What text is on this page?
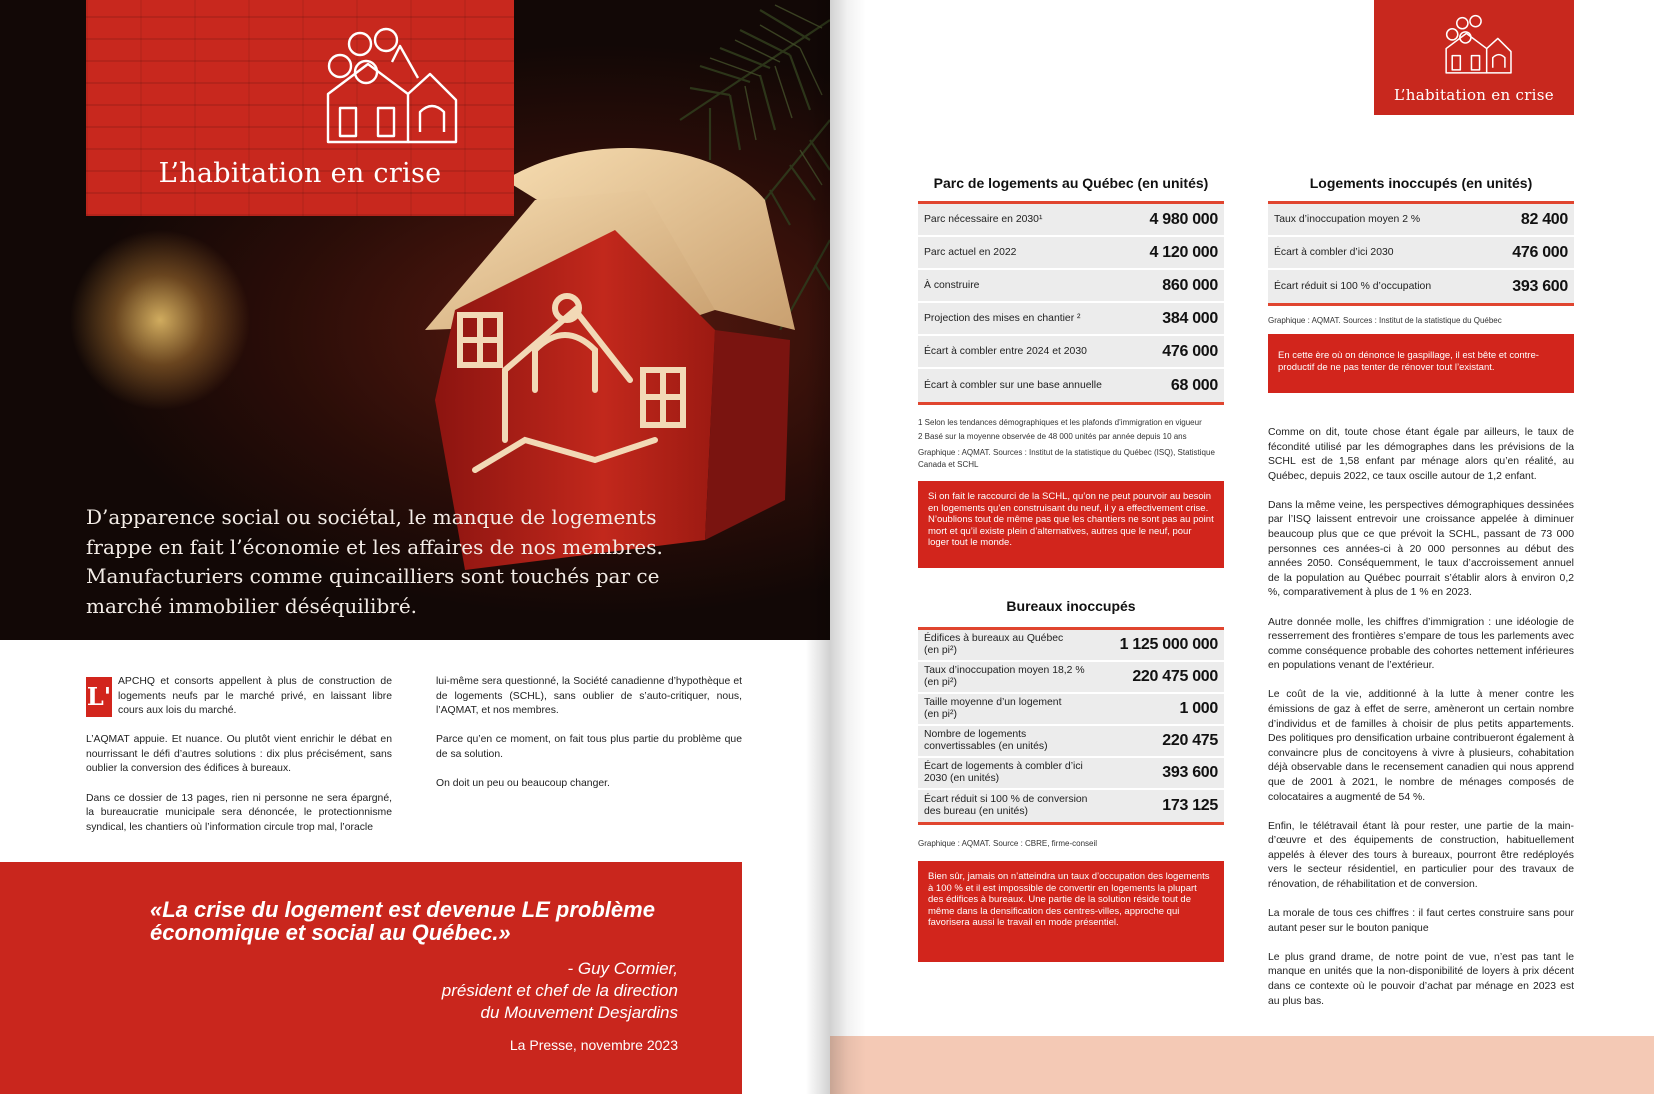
L’habitation en crise
D’apparence social ou sociétal, le manque de logements frappe en fait l’économie et les affaires de nos membres. Manufacturiers comme quincailliers sont touchés par ce marché immobilier déséquilibré.

L'
APCHQ et consorts appellent à plus de construction de logements neufs par le marché privé, en laissant libre cours aux lois du marché.

L’AQMAT appuie. Et nuance. Ou plutôt vient enrichir le débat en nourrissant le défi d’autres solutions : dix plus précisément, sans oublier la conversion des édifices à bureaux.

Dans ce dossier de 13 pages, rien ni personne ne sera épargné, la bureaucratie municipale sera dénoncée, le protectionnisme syndical, les chantiers où l’information circule trop mal, l’oracle

lui-même sera questionné, la Société canadienne d’hypothèque et de logements (SCHL), sans oublier de s’auto-critiquer, nous, l’AQMAT, et nos membres.

Parce qu’en ce moment, on fait tous plus partie du problème que de sa solution.

On doit un peu ou beaucoup changer.

«La crise du logement est devenue LE problème économique et social au Québec.»
- Guy Cormier,
président et chef de la direction
du Mouvement Desjardins
La Presse, novembre 2023
L’habitation en crise
Parc de logements au Québec (en unités)
Parc nécessaire en 2030¹	4 980 000
Parc actuel en 2022	4 120 000
À construire	860 000
Projection des mises en chantier ²	384 000
Écart à combler entre 2024 et 2030	476 000
Écart à combler sur une base annuelle	68 000
1 Selon les tendances démographiques et les plafonds d’immigration en vigueur
2 Basé sur la moyenne observée de 48 000 unités par année depuis 10 ans
Graphique : AQMAT. Sources : Institut de la statistique du Québec (ISQ), Statistique Canada et SCHL
Si on fait le raccourci de la SCHL, qu’on ne peut pourvoir au besoin en logements qu’en construisant du neuf, il y a effectivement crise. N’oublions tout de même pas que les chantiers ne sont pas au point mort et qu’il existe plein d’alternatives, autres que le neuf, pour loger tout le monde.
Bureaux inoccupés
Édifices à bureaux au Québec
(en pi²)	1 125 000 000
Taux d’inoccupation moyen 18,2 %
(en pi²)	220 475 000
Taille moyenne d’un logement
(en pi²)	1 000
Nombre de logements
convertissables (en unités)	220 475
Écart de logements à combler d’ici
2030 (en unités)	393 600
Écart réduit si 100 % de conversion
des bureau (en unités)	173 125
Graphique : AQMAT. Source : CBRE, firme-conseil
Bien sûr, jamais on n’atteindra un taux d’occupation des logements à 100 % et il est impossible de convertir en logements la plupart des édifices à bureaux. Une partie de la solution réside tout de même dans la densification des centres-villes, approche qui favorisera aussi le travail en mode présentiel.
Logements inoccupés (en unités)
Taux d’inoccupation moyen 2 %	82 400
Écart à combler d’ici 2030	476 000
Écart réduit si 100 % d’occupation	393 600
Graphique : AQMAT. Sources : Institut de la statistique du Québec
En cette ère où on dénonce le gaspillage, il est bête et contre-productif de ne pas tenter de rénover tout l’existant.

Comme on dit, toute chose étant égale par ailleurs, le taux de fécondité utilisé par les démographes dans les prévisions de la SCHL est de 1,58 enfant par ménage alors qu’en réalité, au Québec, depuis 2022, ce taux oscille autour de 1,2 enfant.

Dans la même veine, les perspectives démographiques dessinées par l’ISQ laissent entrevoir une croissance appelée à diminuer beaucoup plus que ce que prévoit la SCHL, passant de 73 000 personnes ces années-ci à 20 000 personnes au début des années 2050. Conséquemment, le taux d’accroissement annuel de la population au Québec pourrait s’établir alors à environ 0,2 %, comparativement à plus de 1 % en 2023.

Autre donnée molle, les chiffres d’immigration : une idéologie de resserrement des frontières s’empare de tous les parlements avec comme conséquence probable des cohortes nettement inférieures en populations venant de l’extérieur.

Le coût de la vie, additionné à la lutte à mener contre les émissions de gaz à effet de serre, amèneront un certain nombre d’individus et de familles à choisir de plus petits appartements. Des politiques pro densification urbaine contribueront également à convaincre plus de concitoyens à vivre à plusieurs, cohabitation déjà observable dans le recensement canadien qui nous apprend que de 2001 à 2021, le nombre de ménages composés de colocataires a augmenté de 54 %.

Enfin, le télétravail étant là pour rester, une partie de la main-d’œuvre et des équipements de construction, habituellement appelés à élever des tours à bureaux, pourront être redéployés vers le secteur résidentiel, en particulier pour des travaux de rénovation, de réhabilitation et de conversion.

La morale de tous ces chiffres : il faut certes construire sans pour autant peser sur le bouton panique

Le plus grand drame, de notre point de vue, n’est pas tant le manque en unités que la non-disponibilité de loyers à prix décent dans ce contexte où le pouvoir d’achat par ménage en 2023 est au plus bas.
